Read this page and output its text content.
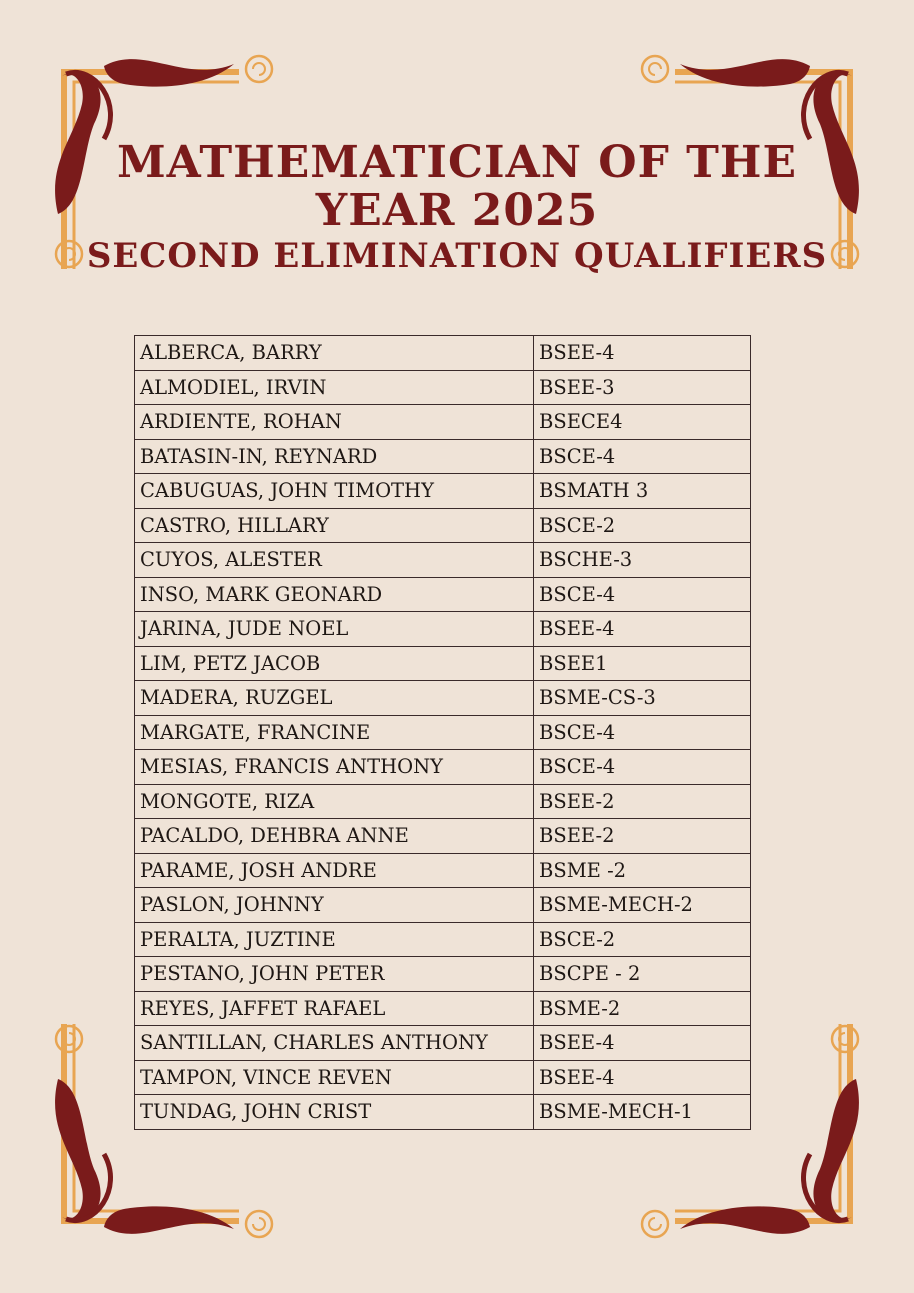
MATHEMATICIAN OF THE
YEAR 2025
SECOND ELIMINATION QUALIFIERS
ALBERCA, BARRY	BSEE-4
ALMODIEL, IRVIN	BSEE-3
ARDIENTE, ROHAN	BSECE4
BATASIN-IN, REYNARD	BSCE-4
CABUGUAS, JOHN TIMOTHY	BSMATH 3
CASTRO, HILLARY	BSCE-2
CUYOS, ALESTER	BSCHE-3
INSO, MARK GEONARD	BSCE-4
JARINA, JUDE NOEL	BSEE-4
LIM, PETZ JACOB	BSEE1
MADERA, RUZGEL	BSME-CS-3
MARGATE, FRANCINE	BSCE-4
MESIAS, FRANCIS ANTHONY	BSCE-4
MONGOTE, RIZA	BSEE-2
PACALDO, DEHBRA ANNE	BSEE-2
PARAME, JOSH ANDRE	BSME -2
PASLON, JOHNNY	BSME-MECH-2
PERALTA, JUZTINE	BSCE-2
PESTANO, JOHN PETER	BSCPE - 2
REYES, JAFFET RAFAEL	BSME-2
SANTILLAN, CHARLES ANTHONY	BSEE-4
TAMPON, VINCE REVEN	BSEE-4
TUNDAG, JOHN CRIST	BSME-MECH-1
